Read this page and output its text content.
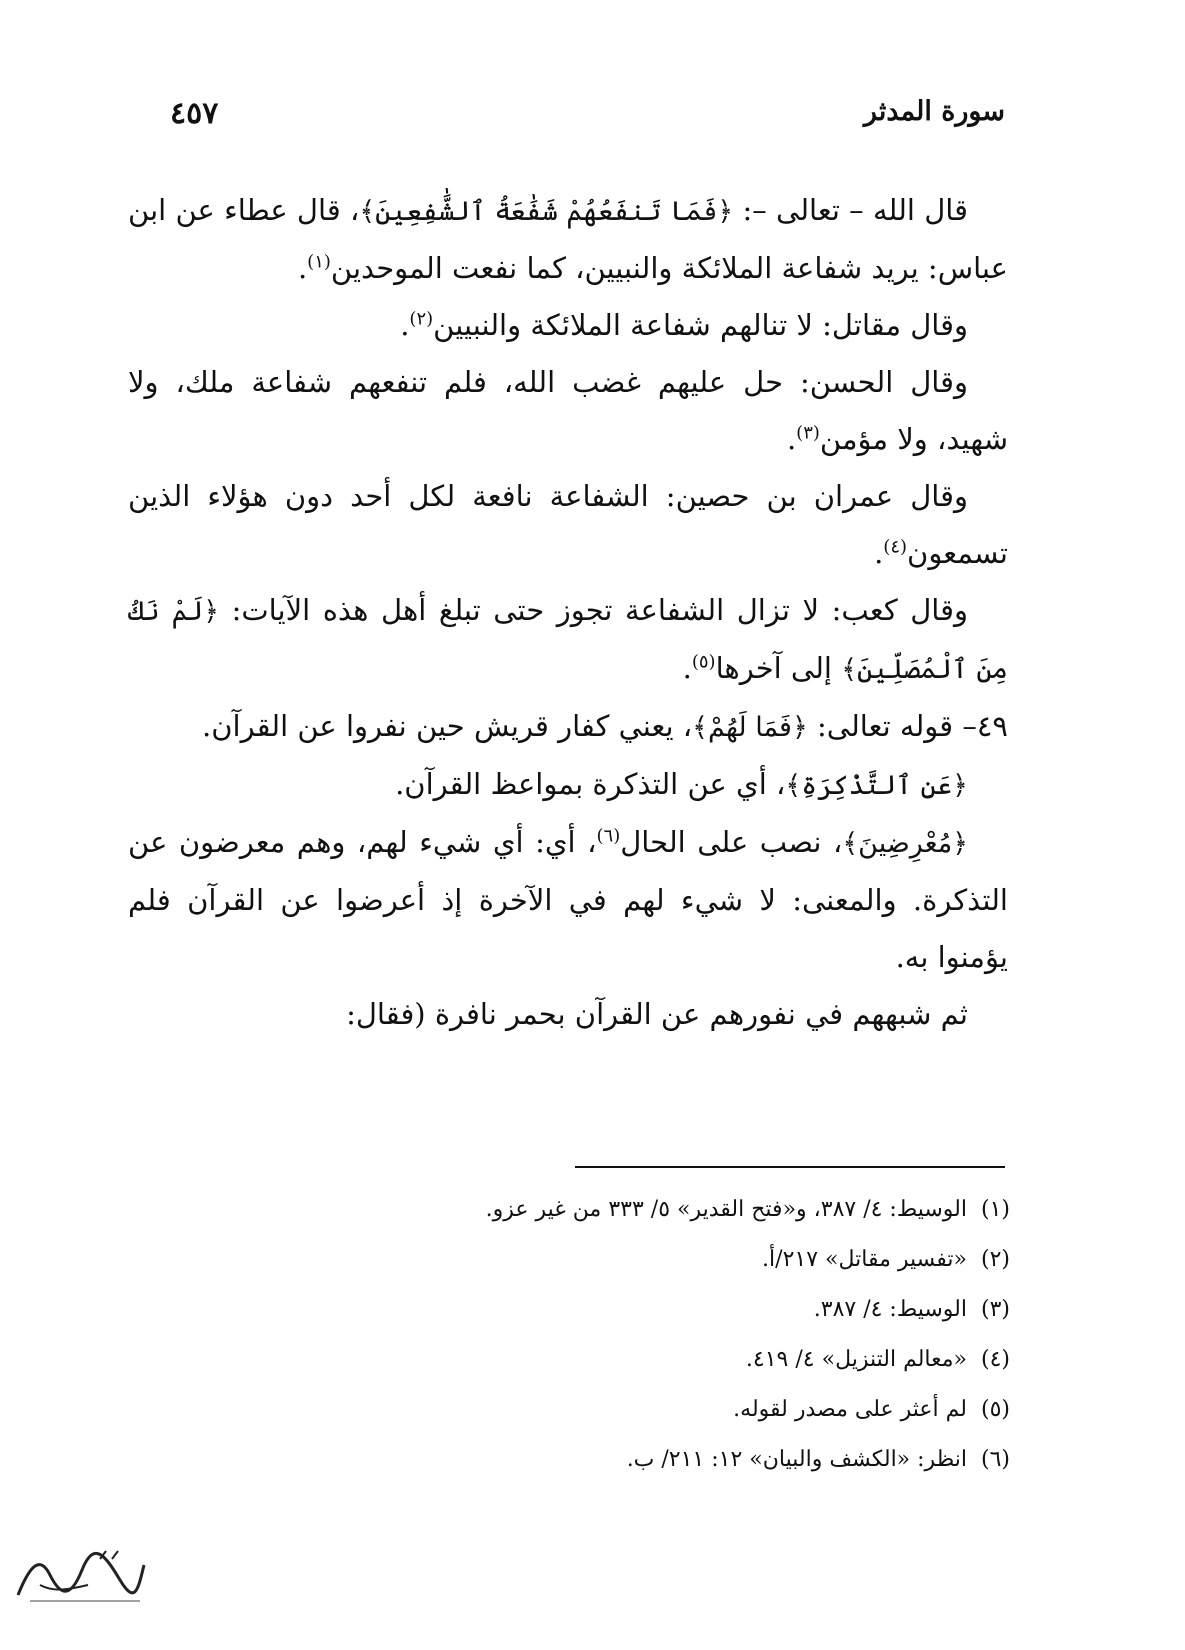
سورة المدثر
٤٥٧

قال الله – تعالى –: ﴿فَمَا تَنفَعُهُمْ شَفَٰعَةُ ٱلشَّٰفِعِينَ﴾، قال عطاء عن ابن عباس: يريد شفاعة الملائكة والنبيين، كما نفعت الموحدين$^{(١)}$.

وقال مقاتل: لا تنالهم شفاعة الملائكة والنبيين$^{(٢)}$.

وقال الحسن: حل عليهم غضب الله، فلم تنفعهم شفاعة ملك، ولا شهيد، ولا مؤمن$^{(٣)}$.

وقال عمران بن حصين: الشفاعة نافعة لكل أحد دون هؤلاء الذين تسمعون$^{(٤)}$.

وقال كعب: لا تزال الشفاعة تجوز حتى تبلغ أهل هذه الآيات: ﴿لَمْ نَكُ مِنَ ٱلْمُصَلِّينَ﴾ إلى آخرها$^{(٥)}$.

٤٩– قوله تعالى: ﴿فَمَا لَهُمْ﴾، يعني كفار قريش حين نفروا عن القرآن.

﴿عَنِ ٱلتَّذْكِرَةِ﴾، أي عن التذكرة بمواعظ القرآن.

﴿مُعْرِضِينَ﴾، نصب على الحال$^{(٦)}$، أي: أي شيء لهم، وهم معرضون عن التذكرة. والمعنى: لا شيء لهم في الآخرة إذ أعرضوا عن القرآن فلم يؤمنوا به.

ثم شبههم في نفورهم عن القرآن بحمر نافرة (فقال:

(١)الوسيط: ٤/ ٣٨٧، و«فتح القدير» ٥/ ٣٣٣ من غير عزو.
(٢)«تفسير مقاتل» ٢١٧/أ.
(٣)الوسيط: ٤/ ٣٨٧.
(٤)«معالم التنزيل» ٤/ ٤١٩.
(٥)لم أعثر على مصدر لقوله.
(٦)انظر: «الكشف والبيان» ١٢: ٢١١/ ب.
